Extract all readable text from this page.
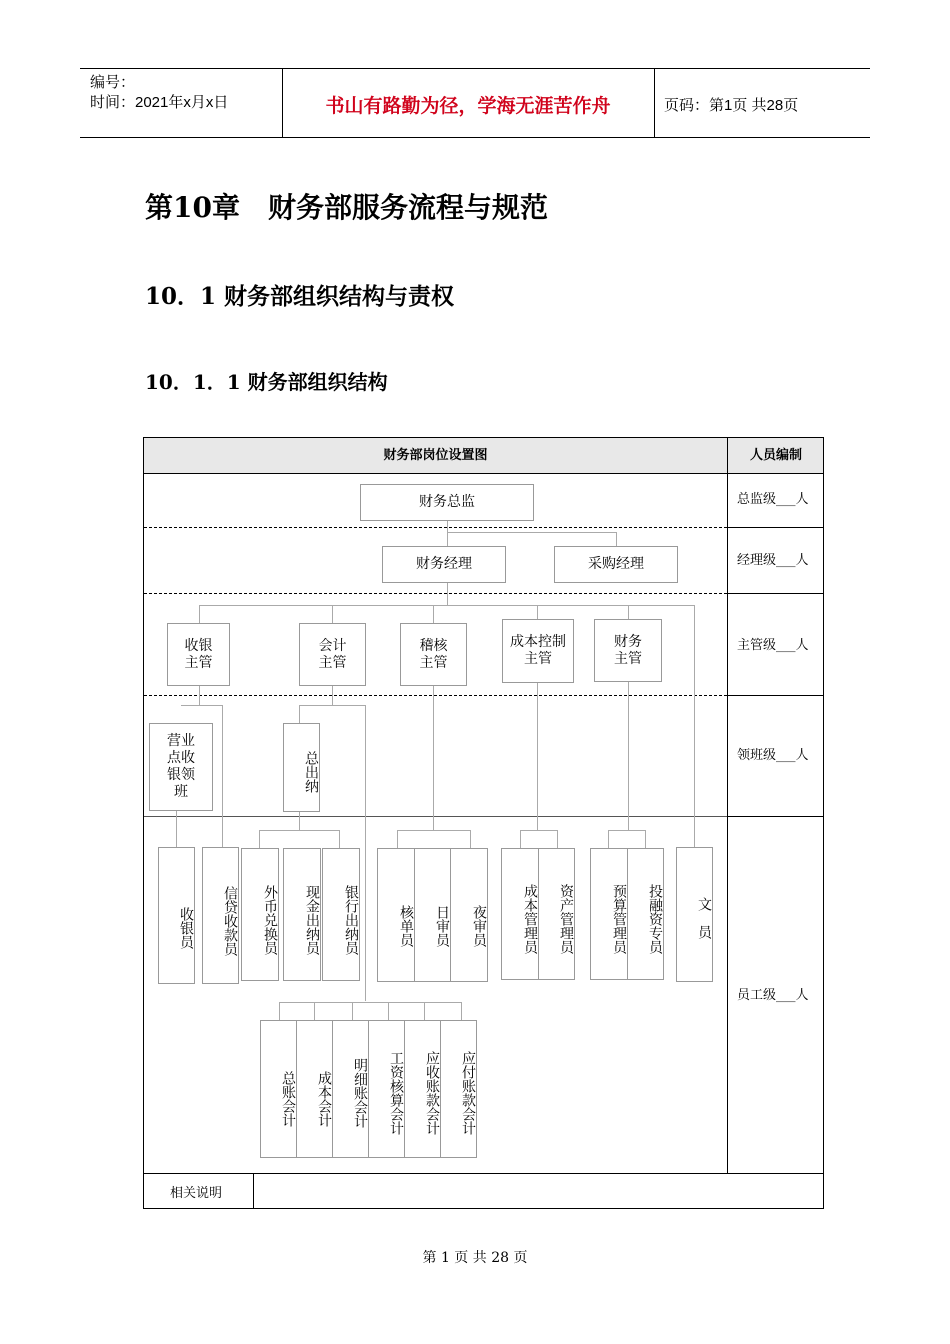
编号：
时间：2021年x月x日	书山有路勤为径，学海无涯苦作舟	页码：第1页 共28页
第10章　财务部服务流程与规范
10．1 财务部组织结构与责权
10．1．1 财务部组织结构
财务部岗位设置图	人员编制
相关说明
总监级___人
经理级___人
主管级___人
领班级___人
员工级___人
财务总监
财务经理	采购经理
收银主管
会计主管
稽核主管
成本控制主管
财务主管
营业点收银领班	总出纳
收银员	信贷收款员	外币兑换员	现金出纳员	银行出纳员	核单员	日审员	夜审员	成本管理员	资产管理员	预算管理员	投融资专员	文员
总账会计	成本会计	明细账会计	工资核算会计	应收账款会计	应付账款会计
第 1 页 共 28 页
